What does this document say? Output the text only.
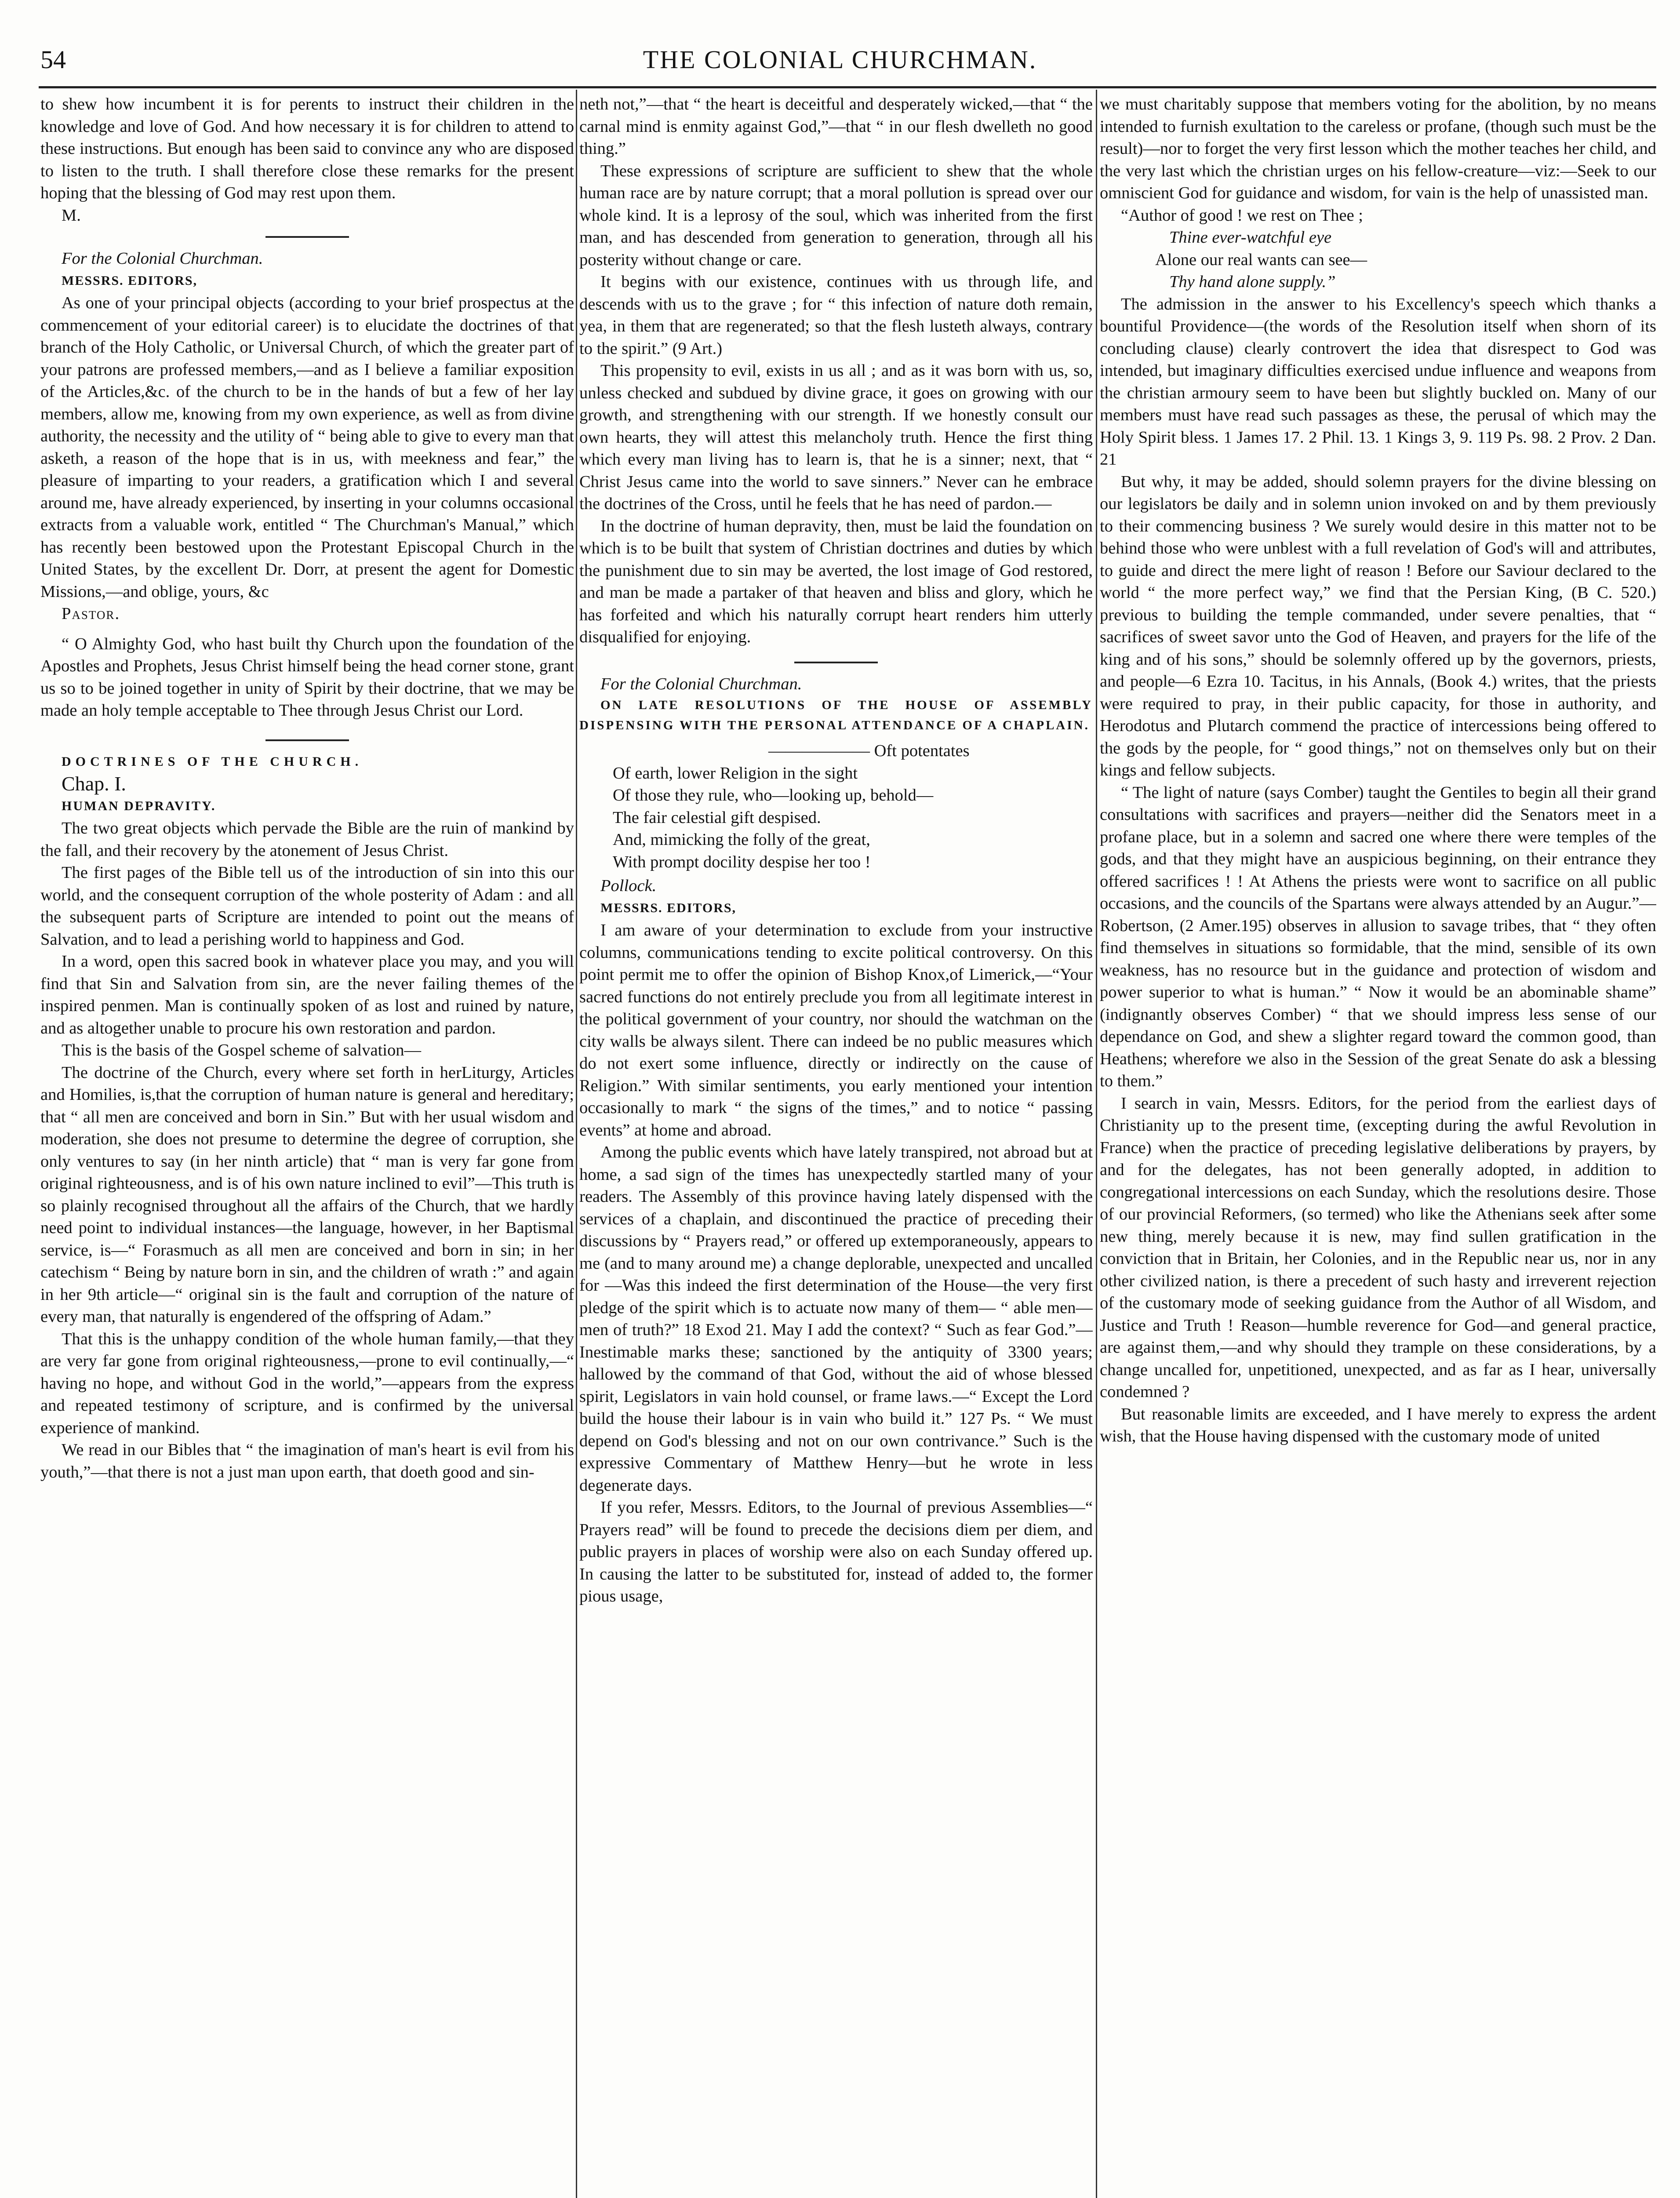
54	THE COLONIAL CHURCHMAN.

to shew how incumbent it is for perents to instruct their children in the knowledge and love of God. And how necessary it is for children to attend to these instructions. But enough has been said to convince any who are disposed to listen to the truth. I shall therefore close these remarks for the present hoping that the blessing of God may rest upon them.

M.

For the Colonial Churchman.

MESSRS. EDITORS,

As one of your principal objects (according to your brief prospectus at the commencement of your editorial career) is to elucidate the doctrines of that branch of the Holy Catholic, or Universal Church, of which the greater part of your patrons are professed members,—and as I believe a familiar exposition of the Articles,&c. of the church to be in the hands of but a few of her lay members, allow me, knowing from my own experience, as well as from divine authority, the necessity and the utility of “ being able to give to every man that asketh, a reason of the hope that is in us, with meekness and fear,” the pleasure of imparting to your readers, a gratification which I and several around me, have already experienced, by inserting in your columns occasional extracts from a valuable work, entitled “ The Churchman's Manual,” which has recently been bestowed upon the Protestant Episcopal Church in the United States, by the excellent Dr. Dorr, at present the agent for Domestic Missions,—and oblige, yours, &c

Pastor.

“ O Almighty God, who hast built thy Church upon the foundation of the Apostles and Prophets, Jesus Christ himself being the head corner stone, grant us so to be joined together in unity of Spirit by their doctrine, that we may be made an holy temple acceptable to Thee through Jesus Christ our Lord.

DOCTRINES OF THE CHURCH.

Chap. I.

HUMAN DEPRAVITY.

The two great objects which pervade the Bible are the ruin of mankind by the fall, and their recovery by the atonement of Jesus Christ.

The first pages of the Bible tell us of the introduction of sin into this our world, and the consequent corruption of the whole posterity of Adam : and all the subsequent parts of Scripture are intended to point out the means of Salvation, and to lead a perishing world to happiness and God.

In a word, open this sacred book in whatever place you may, and you will find that Sin and Salvation from sin, are the never failing themes of the inspired penmen. Man is continually spoken of as lost and ruined by nature, and as altogether unable to procure his own restoration and pardon.

This is the basis of the Gospel scheme of salvation—

The doctrine of the Church, every where set forth in herLiturgy, Articles and Homilies, is,that the corruption of human nature is general and hereditary; that “ all men are conceived and born in Sin.” But with her usual wisdom and moderation, she does not presume to determine the degree of corruption, she only ventures to say (in her ninth article) that “ man is very far gone from original righteousness, and is of his own nature inclined to evil”—This truth is so plainly recognised throughout all the affairs of the Church, that we hardly need point to individual instances—the language, however, in her Baptismal service, is—“ Forasmuch as all men are conceived and born in sin; in her catechism “ Being by nature born in sin, and the children of wrath :” and again in her 9th article—“ original sin is the fault and corruption of the nature of every man, that naturally is engendered of the offspring of Adam.”

That this is the unhappy condition of the whole human family,—that they are very far gone from original righteousness,—prone to evil continually,—“ having no hope, and without God in the world,”—appears from the express and repeated testimony of scripture, and is confirmed by the universal experience of mankind.

We read in our Bibles that “ the imagination of man's heart is evil from his youth,”—that there is not a just man upon earth, that doeth good and sin-

neth not,”—that “ the heart is deceitful and desperately wicked,—that “ the carnal mind is enmity against God,”—that “ in our flesh dwelleth no good thing.”

These expressions of scripture are sufficient to shew that the whole human race are by nature corrupt; that a moral pollution is spread over our whole kind. It is a leprosy of the soul, which was inherited from the first man, and has descended from generation to generation, through all his posterity without change or care.

It begins with our existence, continues with us through life, and descends with us to the grave ; for “ this infection of nature doth remain, yea, in them that are regenerated; so that the flesh lusteth always, contrary to the spirit.” (9 Art.)

This propensity to evil, exists in us all ; and as it was born with us, so, unless checked and subdued by divine grace, it goes on growing with our growth, and strengthening with our strength. If we honestly consult our own hearts, they will attest this melancholy truth. Hence the first thing which every man living has to learn is, that he is a sinner; next, that “ Christ Jesus came into the world to save sinners.” Never can he embrace the doctrines of the Cross, until he feels that he has need of pardon.—

In the doctrine of human depravity, then, must be laid the foundation on which is to be built that system of Christian doctrines and duties by which the punishment due to sin may be averted, the lost image of God restored, and man be made a partaker of that heaven and bliss and glory, which he has forfeited and which his naturally corrupt heart renders him utterly disqualified for enjoying.

For the Colonial Churchman.

ON LATE RESOLUTIONS OF THE HOUSE OF ASSEMBLY DISPENSING WITH THE PERSONAL ATTENDANCE OF A CHAPLAIN.

—————— Oft potentates
Of earth, lower Religion in the sight
Of those they rule, who—looking up, behold—
The fair celestial gift despised.
And, mimicking the folly of the great,
With prompt docility despise her too !

Pollock.

MESSRS. EDITORS,

I am aware of your determination to exclude from your instructive columns, communications tending to excite political controversy. On this point permit me to offer the opinion of Bishop Knox,of Limerick,—“Your sacred functions do not entirely preclude you from all legitimate interest in the political government of your country, nor should the watchman on the city walls be always silent. There can indeed be no public measures which do not exert some influence, directly or indirectly on the cause of Religion.” With similar sentiments, you early mentioned your intention occasionally to mark “ the signs of the times,” and to notice “ passing events” at home and abroad.

Among the public events which have lately transpired, not abroad but at home, a sad sign of the times has unexpectedly startled many of your readers. The Assembly of this province having lately dispensed with the services of a chaplain, and discontinued the practice of preceding their discussions by “ Prayers read,” or offered up extemporaneously, appears to me (and to many around me) a change deplorable, unexpected and uncalled for —Was this indeed the first determination of the House—the very first pledge of the spirit which is to actuate now many of them— “ able men—men of truth?” 18 Exod 21. May I add the context? “ Such as fear God.”—Inestimable marks these; sanctioned by the antiquity of 3300 years; hallowed by the command of that God, without the aid of whose blessed spirit, Legislators in vain hold counsel, or frame laws.—“ Except the Lord build the house their labour is in vain who build it.” 127 Ps. “ We must depend on God's blessing and not on our own contrivance.” Such is the expressive Commentary of Matthew Henry—but he wrote in less degenerate days.

If you refer, Messrs. Editors, to the Journal of previous Assemblies—“ Prayers read” will be found to precede the decisions diem per diem, and public prayers in places of worship were also on each Sunday offered up. In causing the latter to be substituted for, instead of added to, the former pious usage,

we must charitably suppose that members voting for the abolition, by no means intended to furnish exultation to the careless or profane, (though such must be the result)—nor to forget the very first lesson which the mother teaches her child, and the very last which the christian urges on his fellow-creature—viz:—Seek to our omniscient God for guidance and wisdom, for vain is the help of unassisted man.

“Author of good ! we rest on Thee ;
Thine ever-watchful eye
Alone our real wants can see—
Thy hand alone supply.”

The admission in the answer to his Excellency's speech which thanks a bountiful Providence—(the words of the Resolution itself when shorn of its concluding clause) clearly controvert the idea that disrespect to God was intended, but imaginary difficulties exercised undue influence and weapons from the christian armoury seem to have been but slightly buckled on. Many of our members must have read such passages as these, the perusal of which may the Holy Spirit bless. 1 James 17. 2 Phil. 13. 1 Kings 3, 9. 119 Ps. 98. 2 Prov. 2 Dan. 21

But why, it may be added, should solemn prayers for the divine blessing on our legislators be daily and in solemn union invoked on and by them previously to their commencing business ? We surely would desire in this matter not to be behind those who were unblest with a full revelation of God's will and attributes, to guide and direct the mere light of reason ! Before our Saviour declared to the world “ the more perfect way,” we find that the Persian King, (B C. 520.) previous to building the temple commanded, under severe penalties, that “ sacrifices of sweet savor unto the God of Heaven, and prayers for the life of the king and of his sons,” should be solemnly offered up by the governors, priests, and people—6 Ezra 10. Tacitus, in his Annals, (Book 4.) writes, that the priests were required to pray, in their public capacity, for those in authority, and Herodotus and Plutarch commend the practice of intercessions being offered to the gods by the people, for “ good things,” not on themselves only but on their kings and fellow subjects.

“ The light of nature (says Comber) taught the Gentiles to begin all their grand consultations with sacrifices and prayers—neither did the Senators meet in a profane place, but in a solemn and sacred one where there were temples of the gods, and that they might have an auspicious beginning, on their entrance they offered sacrifices ! ! At Athens the priests were wont to sacrifice on all public occasions, and the councils of the Spartans were always attended by an Augur.”—Robertson, (2 Amer.195) observes in allusion to savage tribes, that “ they often find themselves in situations so formidable, that the mind, sensible of its own weakness, has no resource but in the guidance and protection of wisdom and power superior to what is human.” “ Now it would be an abominable shame” (indignantly observes Comber) “ that we should impress less sense of our dependance on God, and shew a slighter regard toward the common good, than Heathens; wherefore we also in the Session of the great Senate do ask a blessing to them.”

I search in vain, Messrs. Editors, for the period from the earliest days of Christianity up to the present time, (excepting during the awful Revolution in France) when the practice of preceding legislative deliberations by prayers, by and for the delegates, has not been generally adopted, in addition to congregational intercessions on each Sunday, which the resolutions desire. Those of our provincial Reformers, (so termed) who like the Athenians seek after some new thing, merely because it is new, may find sullen gratification in the conviction that in Britain, her Colonies, and in the Republic near us, nor in any other civilized nation, is there a precedent of such hasty and irreverent rejection of the customary mode of seeking guidance from the Author of all Wisdom, and Justice and Truth ! Reason—humble reverence for God—and general practice, are against them,—and why should they trample on these considerations, by a change uncalled for, unpetitioned, unexpected, and as far as I hear, universally condemned ?

But reasonable limits are exceeded, and I have merely to express the ardent wish, that the House having dispensed with the customary mode of united
